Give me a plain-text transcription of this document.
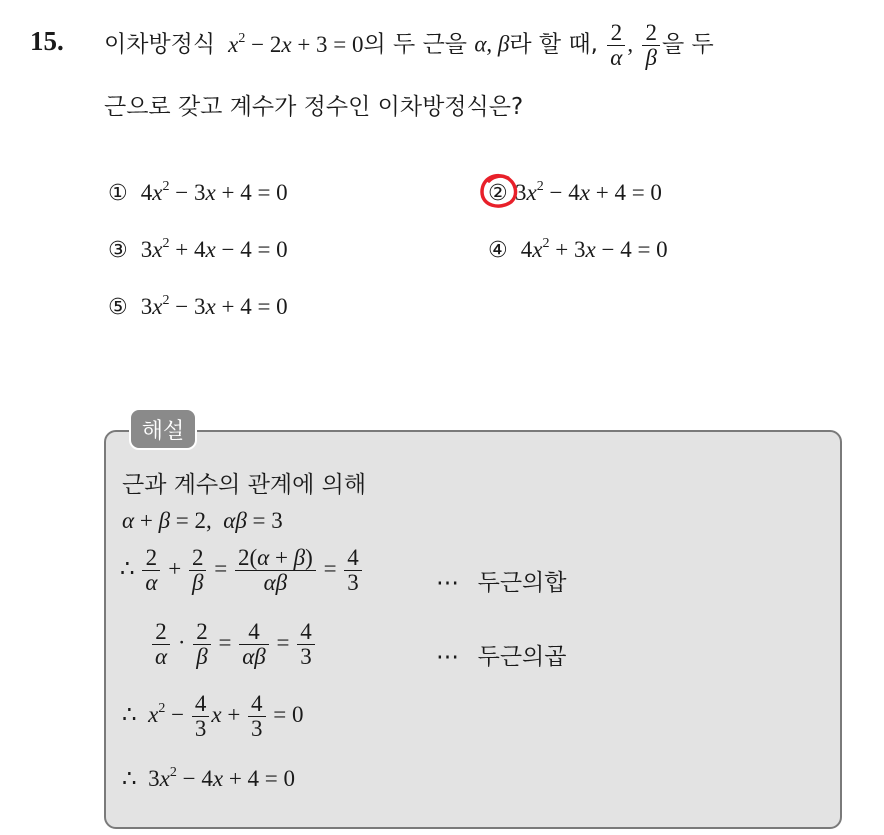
15. 이차방정식 $x^2 - 2x + 3 = 0$의 두 근을 α, β라 할 때, $\frac{2}{\alpha}$ , $\frac{2}{\beta}$ 을 두
근으로 갖고 계수가 정수인 이차방정식은?
① $4x^2 - 3x + 4 = 0$	② $3x^2 - 4x + 4 = 0$
③ $3x^2 + 4x - 4 = 0$	④ $4x^2 + 3x - 4 = 0$
⑤ $3x^2 - 3x + 4 = 0$
해설
근과 계수의 관계에 의해
α + β = 2,  αβ = 3
∴ $\frac{2}{\alpha} + \frac{2}{\beta} = \frac{2(\alpha + \beta)}{\alpha\beta} = \frac{4}{3}$	⋯ 두근의합
$\frac{2}{\alpha} \cdot \frac{2}{\beta} = \frac{4}{\alpha\beta} = \frac{4}{3}$	⋯ 두근의곱
∴ $x^2 - \frac{4}{3}$ $x + \frac{4}{3} = 0$
∴  $3x^2 - 4x + 4 = 0$
